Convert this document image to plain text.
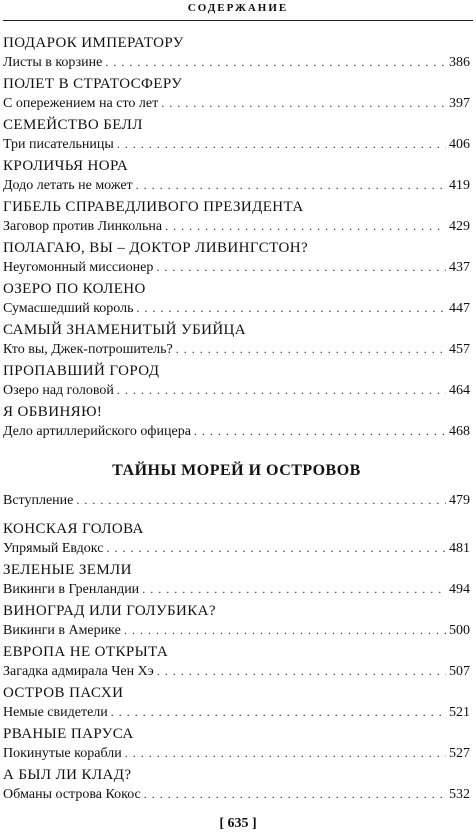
СОДЕРЖАНИЕ
ПОДАРОК ИМПЕРАТОРУ
Листы в корзине . . .	386
ПОЛЕТ В СТРАТОСФЕРУ
С опережением на сто лет . . .	397
СЕМЕЙСТВО БЕЛЛ
Три писательницы . . .	406
КРОЛИЧЬЯ НОРА
Додо летать не может . . .	419
ГИБЕЛЬ СПРАВЕДЛИВОГО ПРЕЗИДЕНТА
Заговор против Линкольна . . .	429
ПОЛАГАЮ, ВЫ – ДОКТОР ЛИВИНГСТОН?
Неугомонный миссионер . . .	437
ОЗЕРО ПО КОЛЕНО
Сумасшедший король . . .	447
САМЫЙ ЗНАМЕНИТЫЙ УБИЙЦА
Кто вы, Джек-потрошитель? . . .	457
ПРОПАВШИЙ ГОРОД
Озеро над головой . . .	464
Я ОБВИНЯЮ!
Дело артиллерийского офицера . . .	468
ТАЙНЫ МОРЕЙ И ОСТРОВОВ
Вступление . . .	479
КОНСКАЯ ГОЛОВА
Упрямый Евдокс . . .	481
ЗЕЛЕНЫЕ ЗЕМЛИ
Викинги в Гренландии . . .	494
ВИНОГРАД ИЛИ ГОЛУБИКА?
Викинги в Америке . . .	500
ЕВРОПА НЕ ОТКРЫТА
Загадка адмирала Чен Хэ . . .	507
ОСТРОВ ПАСХИ
Немые свидетели . . .	521
РВАНЫЕ ПАРУСА
Покинутые корабли . . .	527
А БЫЛ ЛИ КЛАД?
Обманы острова Кокос . . .	532
[ 635 ]
